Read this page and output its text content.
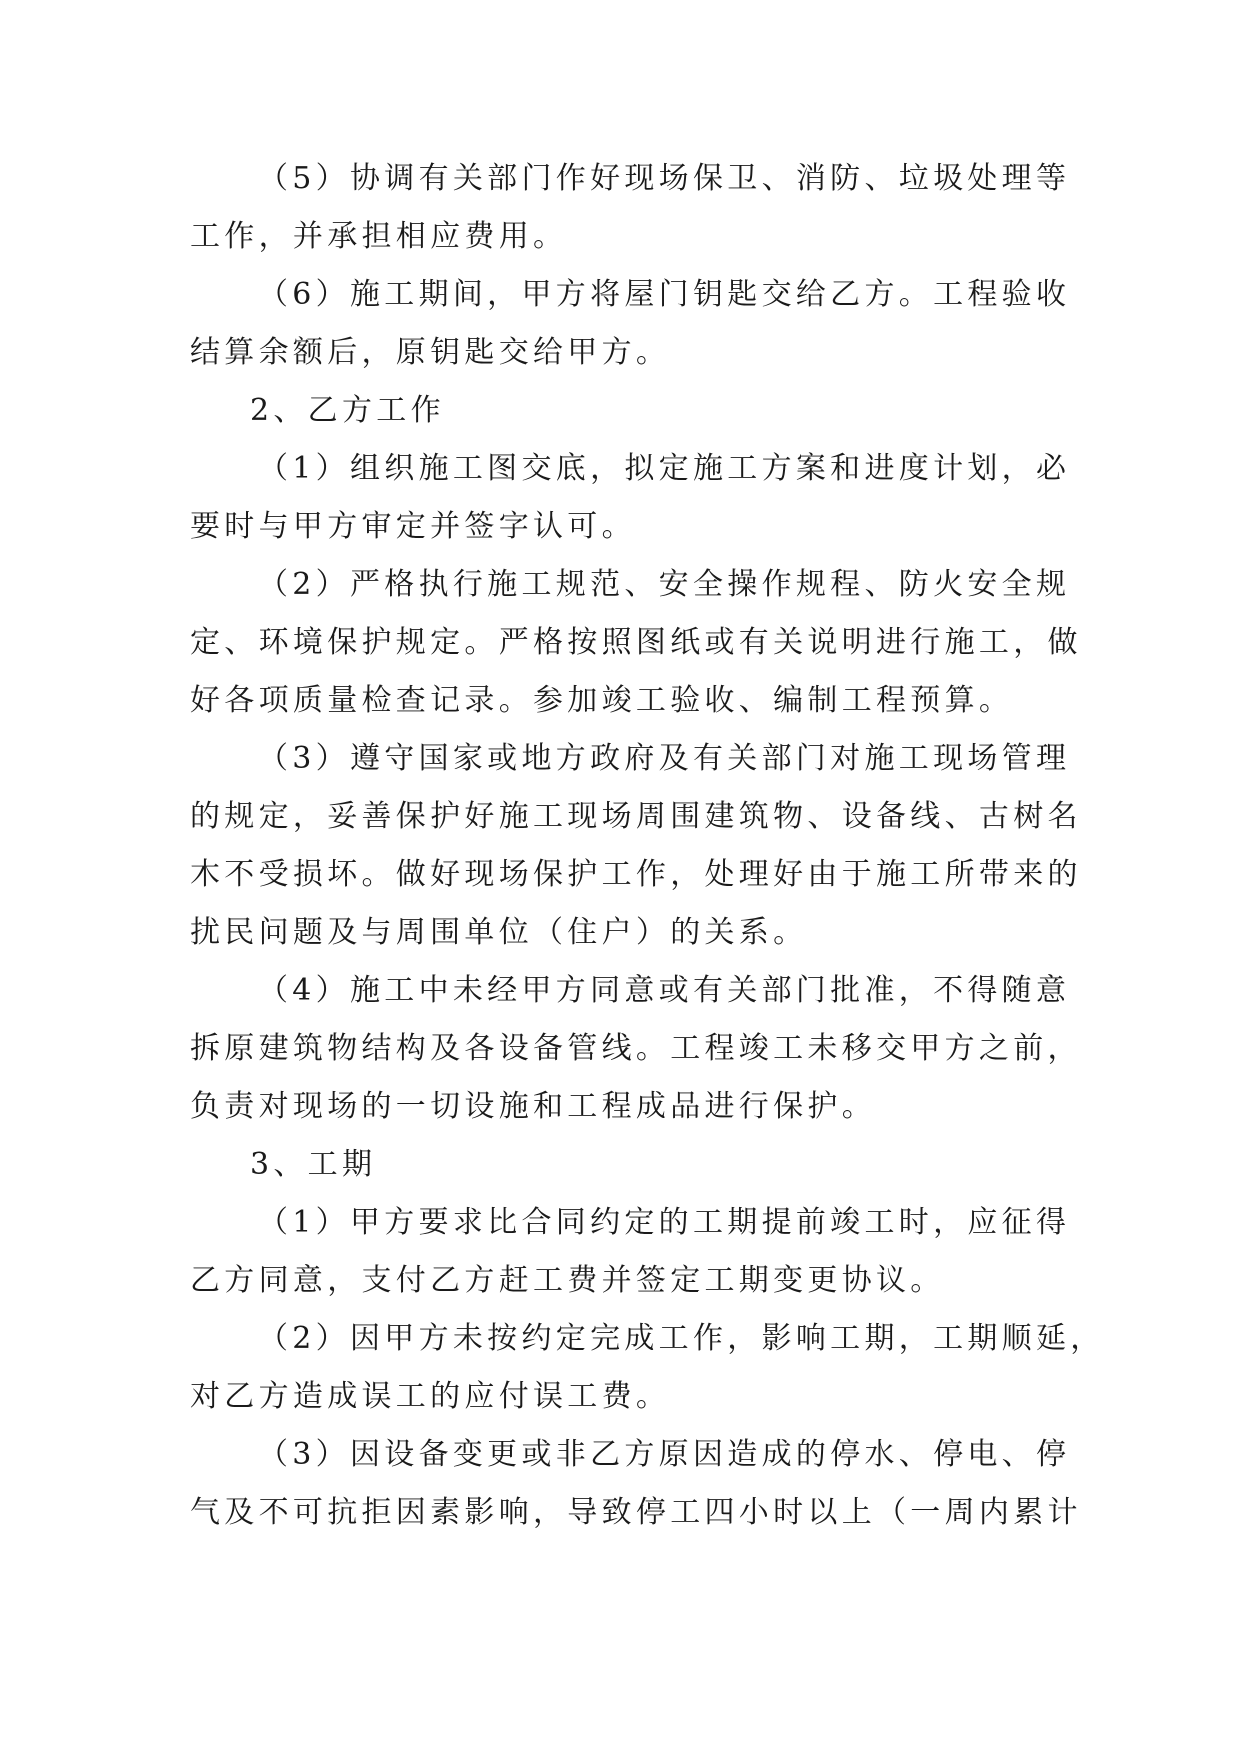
（5）协调有关部门作好现场保卫、消防、垃圾处理等
工作，并承担相应费用。
（6）施工期间，甲方将屋门钥匙交给乙方。工程验收
结算余额后，原钥匙交给甲方。
2、乙方工作
（1）组织施工图交底，拟定施工方案和进度计划，必
要时与甲方审定并签字认可。
（2）严格执行施工规范、安全操作规程、防火安全规
定、环境保护规定。严格按照图纸或有关说明进行施工，做
好各项质量检查记录。参加竣工验收、编制工程预算。
（3）遵守国家或地方政府及有关部门对施工现场管理
的规定，妥善保护好施工现场周围建筑物、设备线、古树名
木不受损坏。做好现场保护工作，处理好由于施工所带来的
扰民问题及与周围单位（住户）的关系。
（4）施工中未经甲方同意或有关部门批准，不得随意
拆原建筑物结构及各设备管线。工程竣工未移交甲方之前，
负责对现场的一切设施和工程成品进行保护。
3、工期
（1）甲方要求比合同约定的工期提前竣工时，应征得
乙方同意，支付乙方赶工费并签定工期变更协议。
（2）因甲方未按约定完成工作，影响工期，工期顺延，
对乙方造成误工的应付误工费。
（3）因设备变更或非乙方原因造成的停水、停电、停
气及不可抗拒因素影响，导致停工四小时以上（一周内累计
